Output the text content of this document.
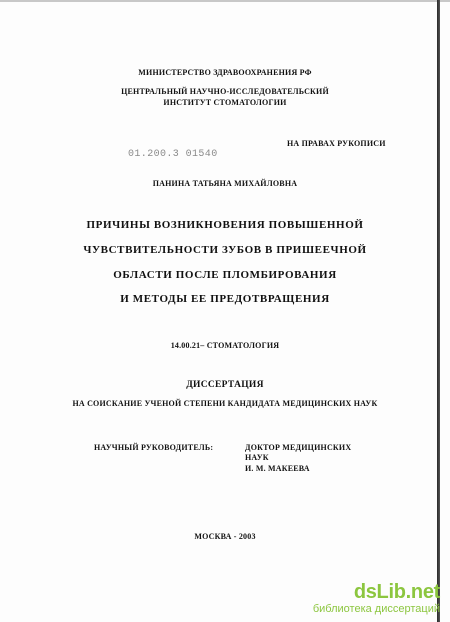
МИНИСТЕРСТВО ЗДРАВООХРАНЕНИЯ РФ
ЦЕНТРАЛЬНЫЙ НАУЧНО-ИССЛЕДОВАТЕЛЬСКИЙ
ИНСТИТУТ СТОМАТОЛОГИИ
НА ПРАВАХ РУКОПИСИ
01.200.3 01540
ПАНИНА ТАТЬЯНА МИХАЙЛОВНА
ПРИЧИНЫ ВОЗНИКНОВЕНИЯ ПОВЫШЕННОЙ
ЧУВСТВИТЕЛЬНОСТИ ЗУБОВ В ПРИШЕЕЧНОЙ
ОБЛАСТИ ПОСЛЕ ПЛОМБИРОВАНИЯ
И МЕТОДЫ ЕЕ ПРЕДОТВРАЩЕНИЯ
14.00.21– СТОМАТОЛОГИЯ
ДИССЕРТАЦИЯ
НА СОИСКАНИЕ УЧЕНОЙ СТЕПЕНИ КАНДИДАТА МЕДИЦИНСКИХ НАУК
НАУЧНЫЙ РУКОВОДИТЕЛЬ:	ДОКТОР МЕДИЦИНСКИХ
НАУК
И. М. МАКЕЕВА
МОСКВА - 2003
dsLib.net
библиотека диссертаций
